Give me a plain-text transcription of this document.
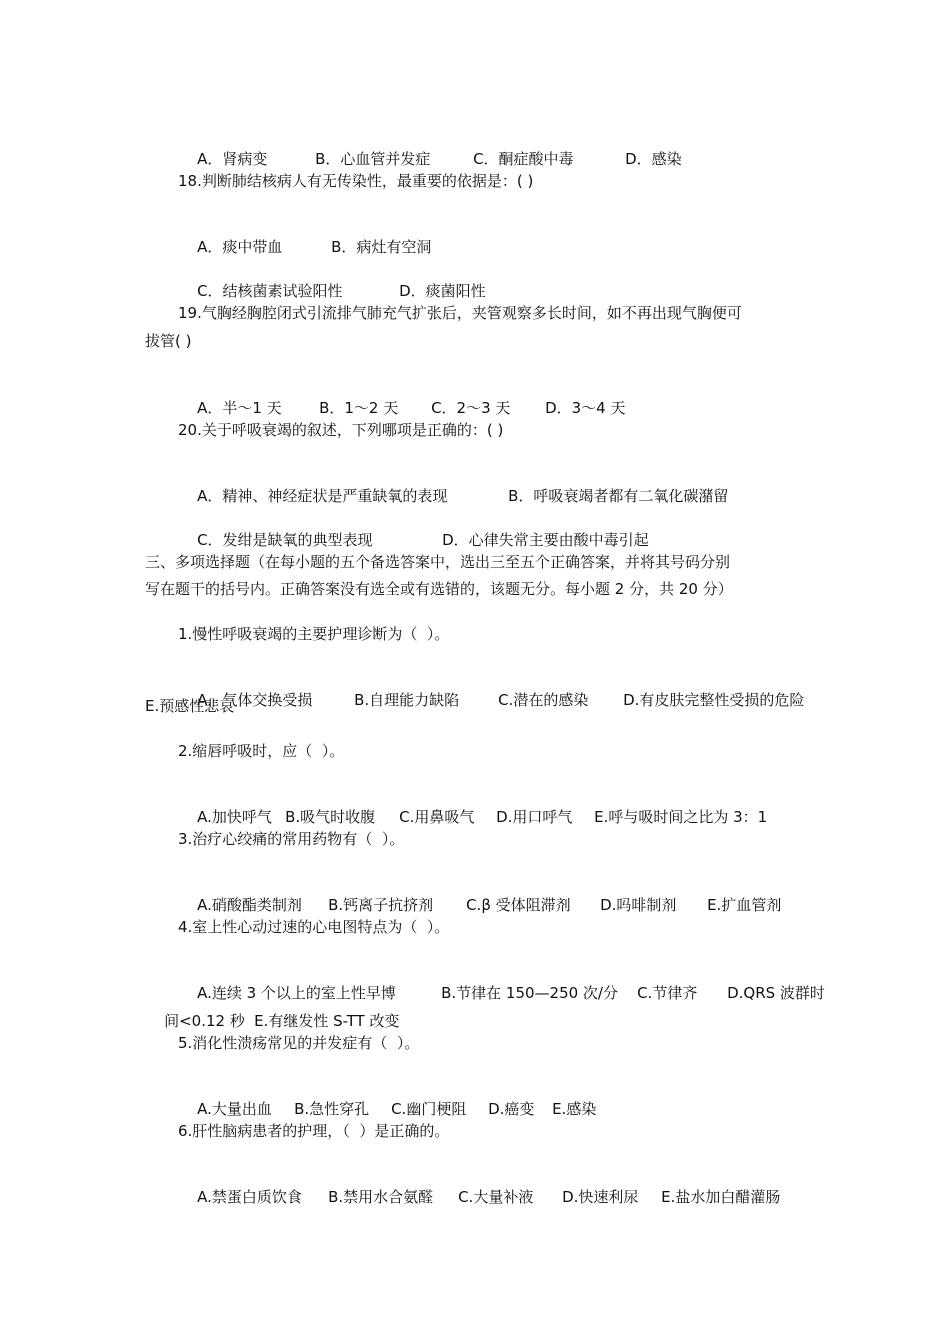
A．肾病变	B．心血管并发症	C．酮症酸中毒	D．感染

18.判断肺结核病人有无传染性，最重要的依据是：( )

A．痰中带血	B．病灶有空洞

C．结核菌素试验阳性	D．痰菌阳性

19.气胸经胸腔闭式引流排气肺充气扩张后，夹管观察多长时间，如不再出现气胸便可
拔管( )

A．半～1 天 B．1～2 天 C．2～3 天 D．3～4 天

20.关于呼吸衰竭的叙述，下列哪项是正确的：( )

A．精神、神经症状是严重缺氧的表现	B．呼吸衰竭者都有二氧化碳潴留

C．发绀是缺氧的典型表现	D．心律失常主要由酸中毒引起

三、多项选择题（在每小题的五个备选答案中，选出三至五个正确答案，并将其号码分别
写在题干的括号内。正确答案没有选全或有选错的，该题无分。每小题 2 分，共 20 分）
1.慢性呼吸衰竭的主要护理诊断为（  ）。

A．气体交换受损	B.自理能力缺陷	C.潜在的感染 D.有皮肤完整性受损的危险

E.预感性悲哀
2.缩唇呼吸时，应（  ）。

A.加快呼气 B.吸气时收腹 C.用鼻吸气 D.用口呼气 E.呼与吸时间之比为 3：1

3.治疗心绞痛的常用药物有（  ）。

A.硝酸酯类制剂 B.钙离子抗挤剂 C.β 受体阻滞剂 D.吗啡制剂 E.扩血管剂

4.室上性心动过速的心电图特点为（  ）。

A.连续 3 个以上的室上性早博	B.节律在 150—250 次/分 C.节律齐 D.QRS 波群时

间<0.12 秒 E.有继发性 S-TT 改变

5.消化性溃疡常见的并发症有（  ）。

A.大量出血 B.急性穿孔 C.幽门梗阻 D.癌变 E.感染

6.肝性脑病患者的护理，（  ）是正确的。

A.禁蛋白质饮食 B.禁用水合氨醛 C.大量补液 D.快速利尿 E.盐水加白醋灌肠
